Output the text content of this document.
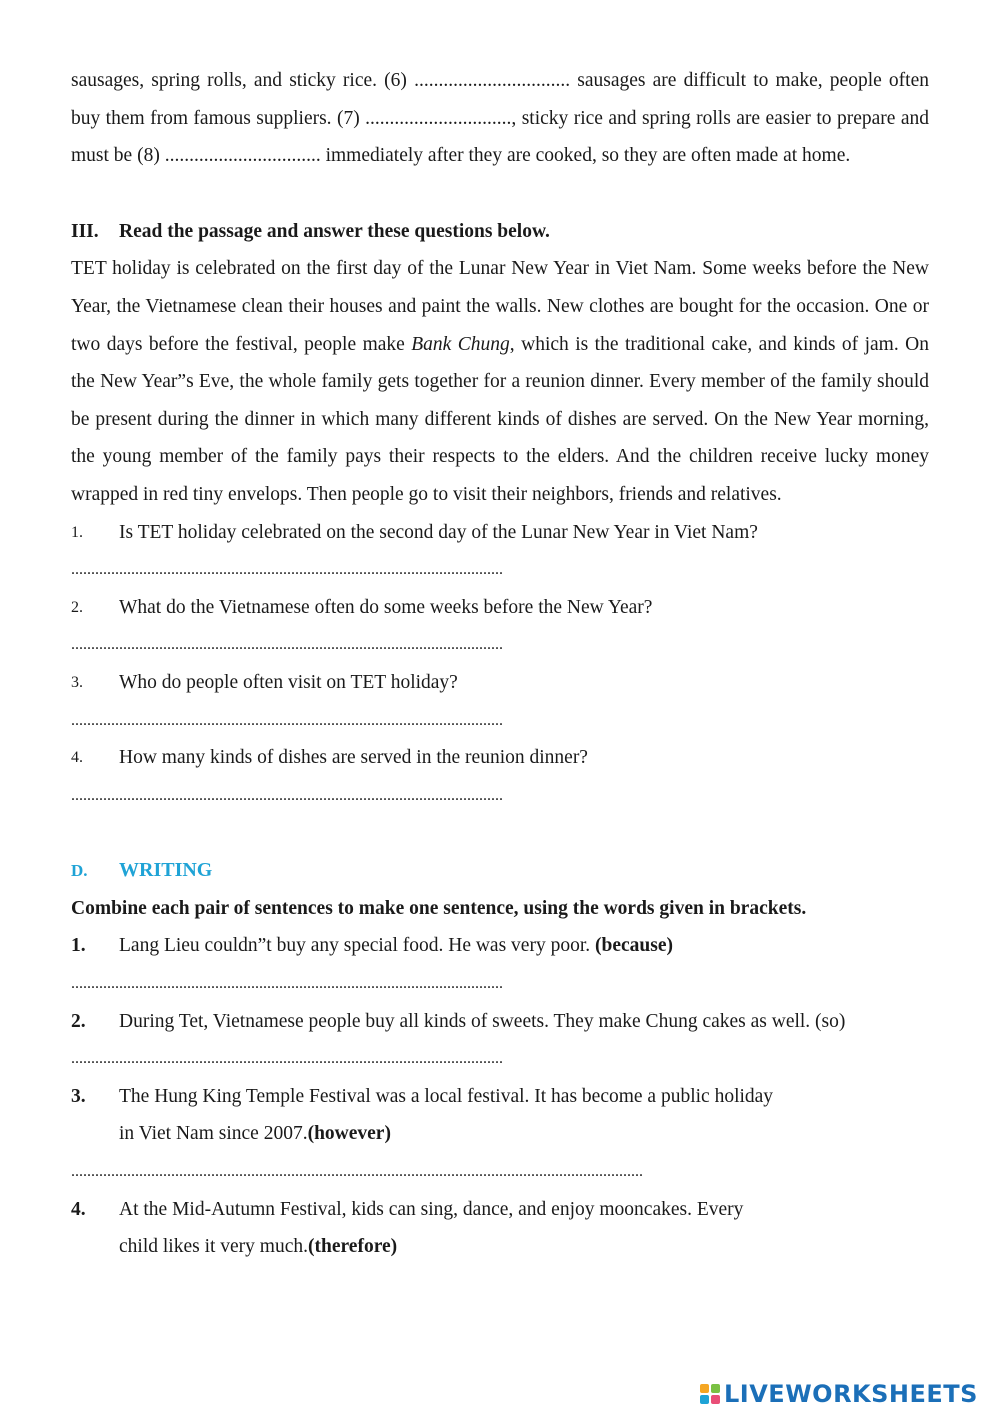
sausages, spring rolls, and sticky rice. (6) ................................ sausages are difficult to make, people often buy them from famous suppliers. (7) .............................., sticky rice and spring rolls are easier to prepare and must be (8) ................................ immediately after they are cooked, so they are often made at home.

III. Read the passage and answer these questions below.

TET holiday is celebrated on the first day of the Lunar New Year in Viet Nam. Some weeks before the New Year, the Vietnamese clean their houses and paint the walls. New clothes are bought for the occasion. One or two days before the festival, people make Bank Chung, which is the traditional cake, and kinds of jam. On the New Year”s Eve, the whole family gets together for a reunion dinner. Every member of the family should be present during the dinner in which many different kinds of dishes are served. On the New Year morning, the young member of the family pays their respects to the elders. And the children receive lucky money wrapped in red tiny envelops. Then people go to visit their neighbors, friends and relatives.

1.	Is TET holiday celebrated on the second day of the Lunar New Year in Viet Nam?
............................................................................................................
2.	What do the Vietnamese often do some weeks before the New Year?
............................................................................................................
3.	Who do people often visit on TET holiday?
............................................................................................................
4.	How many kinds of dishes are served in the reunion dinner?
............................................................................................................

D. WRITING

Combine each pair of sentences to make one sentence, using the words given in brackets.

1.	Lang Lieu couldn”t buy any special food. He was very poor. (because)
............................................................................................................
2.	During Tet, Vietnamese people buy all kinds of sweets. They make Chung cakes as well. (so)
............................................................................................................
3.	The Hung King Temple Festival was a local festival. It has become a public holiday
in Viet Nam since 2007. (however)
...............................................................................................................................................
4.	At the Mid-Autumn Festival, kids can sing, dance, and enjoy mooncakes. Every
child likes it very much. (therefore)
LIVEWORKSHEETS
